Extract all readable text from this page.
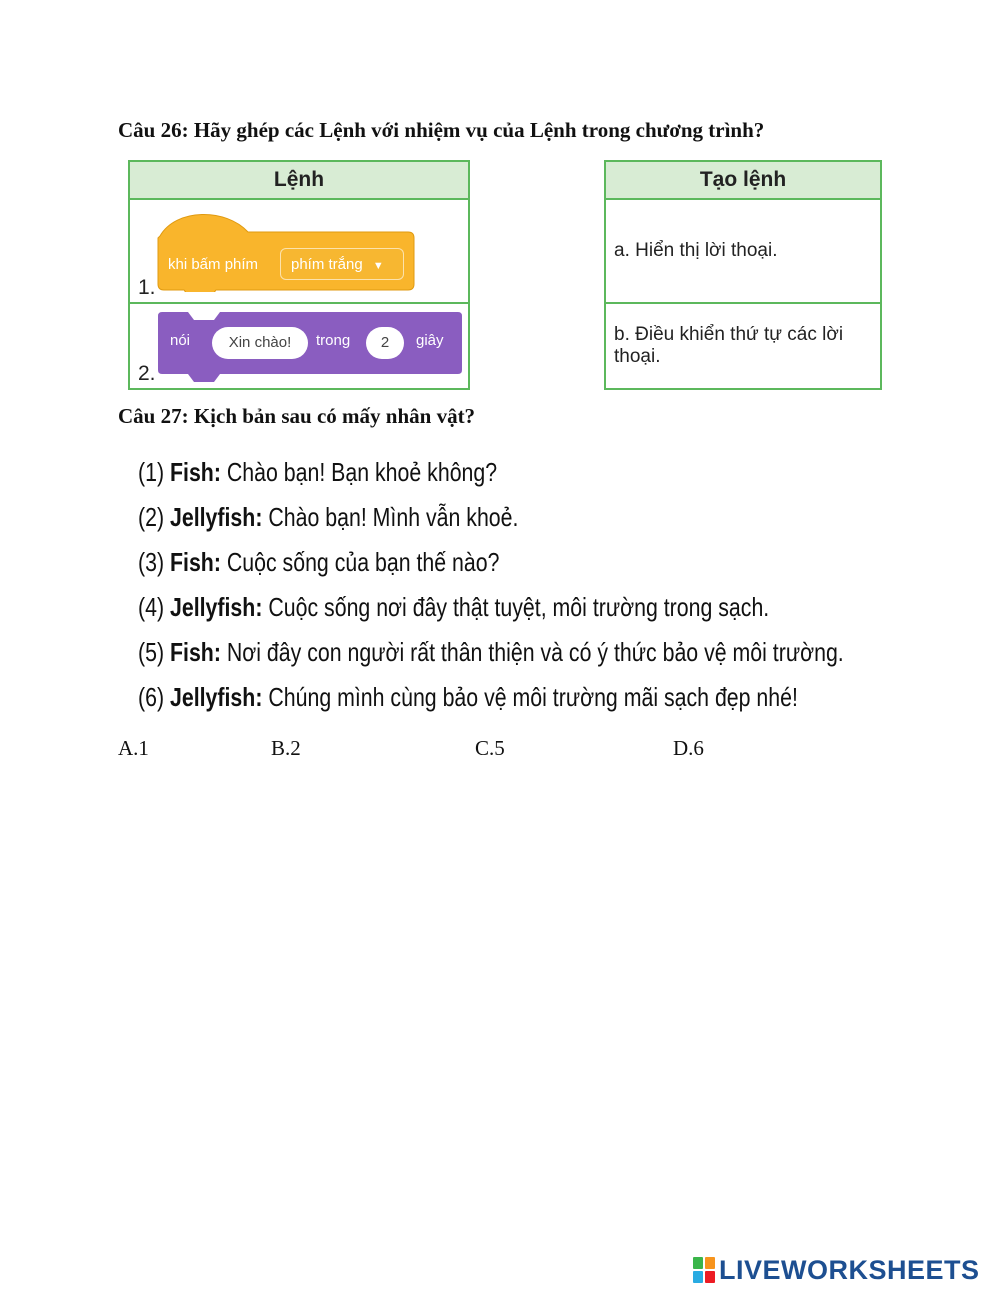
Câu 26: Hãy ghép các Lệnh với nhiệm vụ của Lệnh trong chương trình?
Lệnh

khi bấm phím	phím trắng ▼
1.

nói	Xin chào!	trong	2	giây
2.
Tạo lệnh
a. Hiển thị lời thoại.
b. Điều khiển thứ tự các lời thoại.
Câu 27: Kịch bản sau có mấy nhân vật?
(1) Fish: Chào bạn! Bạn khoẻ không?
(2) Jellyfish: Chào bạn! Mình vẫn khoẻ.
(3) Fish: Cuộc sống của bạn thế nào?
(4) Jellyfish: Cuộc sống nơi đây thật tuyệt, môi trường trong sạch.
(5) Fish: Nơi đây con người rất thân thiện và có ý thức bảo vệ môi trường.
(6) Jellyfish: Chúng mình cùng bảo vệ môi trường mãi sạch đẹp nhé!
A.1	B.2	C.5	D.6
LIVEWORKSHEETS
